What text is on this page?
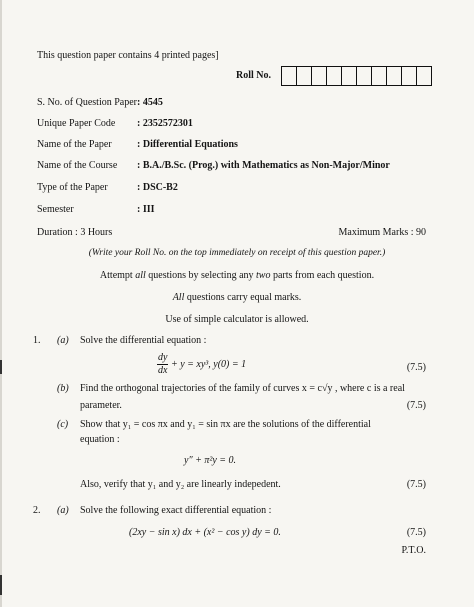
This question paper contains 4 printed pages]
Roll No.
S. No. of Question Paper : 4545
Unique Paper Code : 2352572301
Name of the Paper	: Differential Equations
Name of the Course : B.A./B.Sc. (Prog.) with Mathematics as Non-Major/Minor
Type of the Paper	: DSC-B2
Semester	: III
Duration : 3 Hours	Maximum Marks : 90
(Write your Roll No. on the top immediately on receipt of this question paper.)
Attempt all questions by selecting any two parts from each question.
All questions carry equal marks.
Use of simple calculator is allowed.
1. (a) Solve the differential equation :
$\frac{dy}{dx} + y = xy^3$, y(0) = 1	(7.5)
(b) Find the orthogonal trajectories of the family of curves x = c√y , where c is a real
parameter.	(7.5)
(c) Show that y₁ = cos πx and y₁ = sin πx are the solutions of the differential
equation :
y″ + π²y = 0.
Also, verify that y₁ and y₂ are linearly indepedent.	(7.5)
2. (a) Solve the following exact differential equation :
(2xy − sin x) dx + (x² − cos y) dy = 0.	(7.5)
P.T.O.
